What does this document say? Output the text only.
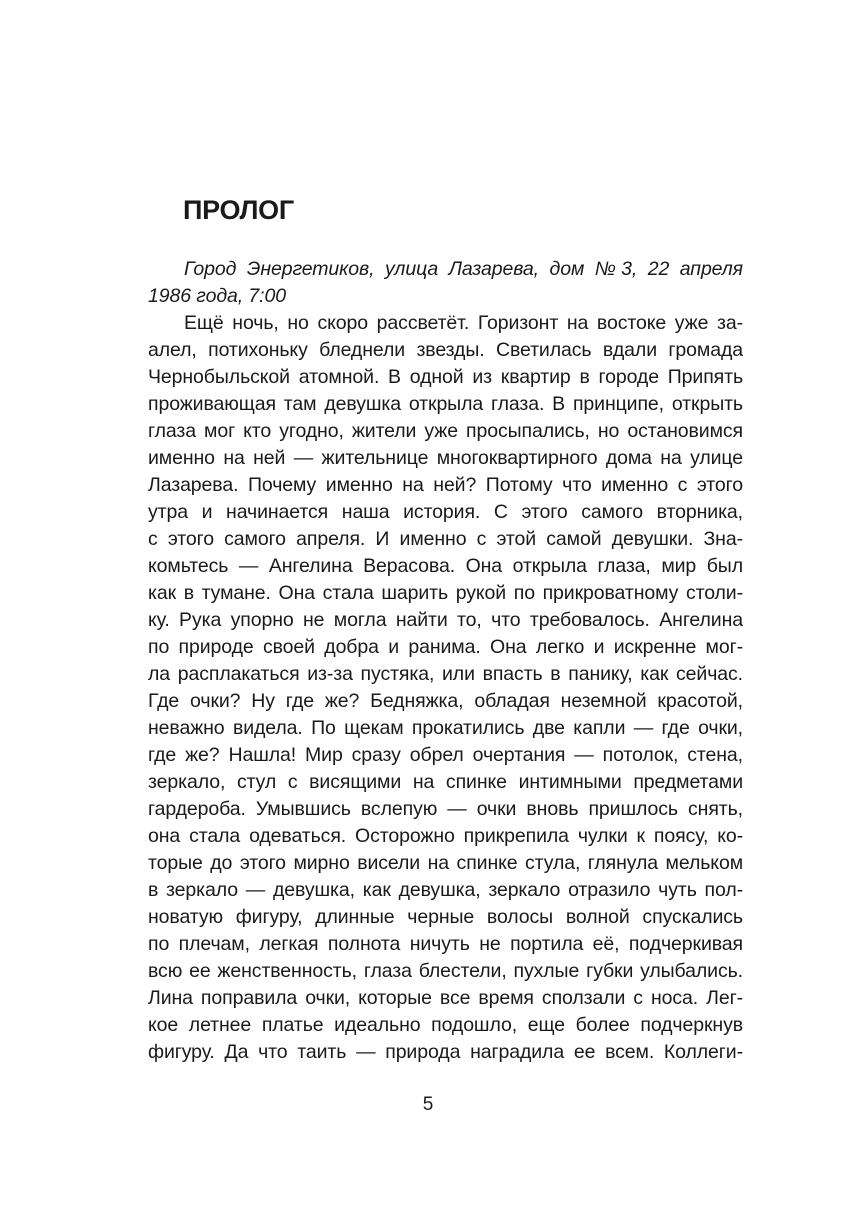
ПРОЛОГ
Город Энергетиков, улица Лазарева, дом №3, 22 апреля
1986 года, 7:00
Ещё ночь, но скоро рассветёт. Горизонт на востоке уже за-
алел, потихоньку бледнели звезды. Светилась вдали громада
Чернобыльской атомной. В одной из квартир в городе Припять
проживающая там девушка открыла глаза. В принципе, открыть
глаза мог кто угодно, жители уже просыпались, но остановимся
именно на ней — жительнице многоквартирного дома на улице
Лазарева. Почему именно на ней? Потому что именно с этого
утра и начинается наша история. С этого самого вторника,
с этого самого апреля. И именно с этой самой девушки. Зна-
комьтесь — Ангелина Верасова. Она открыла глаза, мир был
как в тумане. Она стала шарить рукой по прикроватному столи-
ку. Рука упорно не могла найти то, что требовалось. Ангелина
по природе своей добра и ранима. Она легко и искренне мог-
ла расплакаться из-за пустяка, или впасть в панику, как сейчас.
Где очки? Ну где же? Бедняжка, обладая неземной красотой,
неважно видела. По щекам прокатились две капли — где очки,
где же? Нашла! Мир сразу обрел очертания — потолок, стена,
зеркало, стул с висящими на спинке интимными предметами
гардероба. Умывшись вслепую — очки вновь пришлось снять,
она стала одеваться. Осторожно прикрепила чулки к поясу, ко-
торые до этого мирно висели на спинке стула, глянула мельком
в зеркало — девушка, как девушка, зеркало отразило чуть пол-
новатую фигуру, длинные черные волосы волной спускались
по плечам, легкая полнота ничуть не портила её, подчеркивая
всю ее женственность, глаза блестели, пухлые губки улыбались.
Лина поправила очки, которые все время сползали с носа. Лег-
кое летнее платье идеально подошло, еще более подчеркнув
фигуру. Да что таить — природа наградила ее всем. Коллеги-
5
